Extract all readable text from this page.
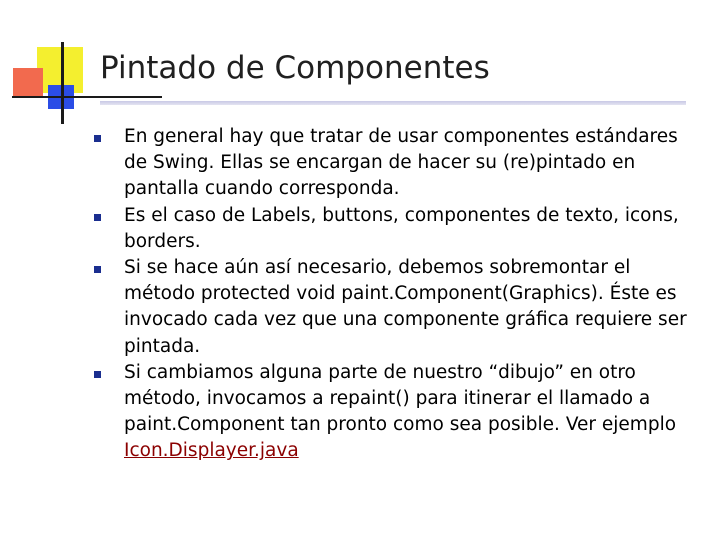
Pintado de Componentes
En general hay que tratar de usar componentes estándares de Swing. Ellas se encargan de hacer su (re)pintado en pantalla cuando corresponda.
Es el caso de Labels, buttons, componentes de texto, icons, borders.
Si se hace aún así necesario, debemos sobremontar el método protected void paint.Component(Graphics). Éste es invocado cada vez que una componente gráfica requiere ser pintada.
Si cambiamos alguna parte de nuestro “dibujo” en otro método, invocamos a repaint() para itinerar el llamado a paint.Component tan pronto como sea posible. Ver ejemplo Icon.Displayer.java
